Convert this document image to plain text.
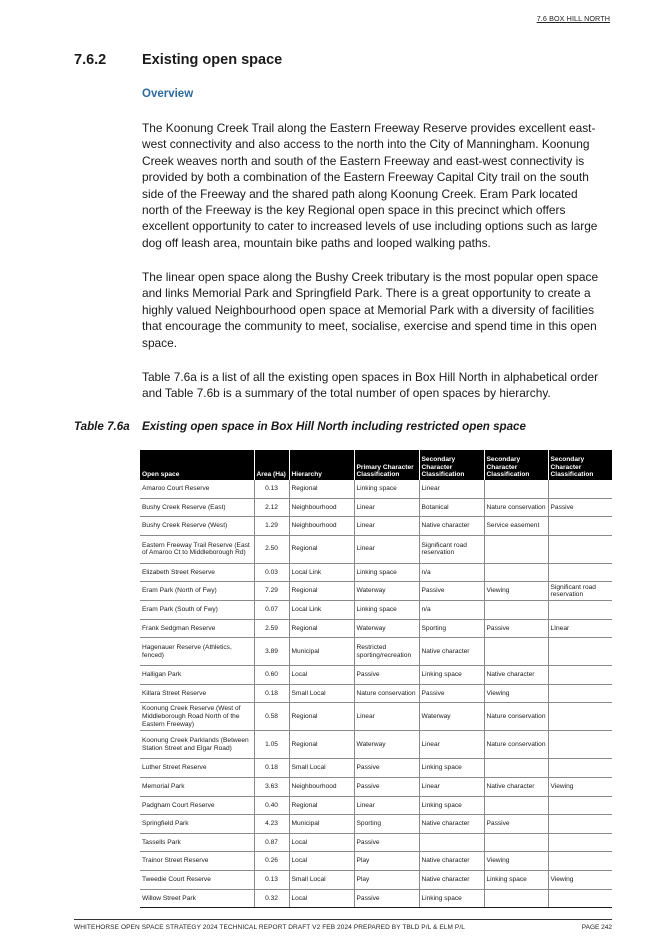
7.6 BOX HILL NORTH
7.6.2 Existing open space
Overview

The Koonung Creek Trail along the Eastern Freeway Reserve provides excellent east-west connectivity and also access to the north into the City of Manningham. Koonung Creek weaves north and south of the Eastern Freeway and east-west connectivity is provided by both a combination of the Eastern Freeway Capital City trail on the south side of the Freeway and the shared path along Koonung Creek. Eram Park located north of the Freeway is the key Regional open space in this precinct which offers excellent opportunity to cater to increased levels of use including options such as large dog off leash area, mountain bike paths and looped walking paths.

The linear open space along the Bushy Creek tributary is the most popular open space and links Memorial Park and Springfield Park. There is a great opportunity to create a highly valued Neighbourhood open space at Memorial Park with a diversity of facilities that encourage the community to meet, socialise, exercise and spend time in this open space.

Table 7.6a is a list of all the existing open spaces in Box Hill North in alphabetical order and Table 7.6b is a summary of the total number of open spaces by hierarchy.

Table 7.6a Existing open space in Box Hill North including restricted open space
Open space	Area (Ha)	Hierarchy	Primary Character Classification	Secondary Character Classification	Secondary Character Classification	Secondary Character Classification
Amaroo Court Reserve	0.13	Regional	Linking space	Linear		
Bushy Creek Reserve (East)	2.12	Neighbourhood	Linear	Botanical	Nature conservation	Passive
Bushy Creek Reserve (West)	1.29	Neighbourhood	Linear	Native character	Service easement	
Eastern Freeway Trail Reserve (East of Amaroo Ct to Middleborough Rd)	2.50	Regional	Linear	Significant road reservation		
Elizabeth Street Reserve	0.03	Local Link	Linking space	n/a		
Eram Park (North of Fwy)	7.29	Regional	Waterway	Passive	Viewing	Significant road reservation
Eram Park (South of Fwy)	0.07	Local Link	Linking space	n/a		
Frank Sedgman Reserve	2.59	Regional	Waterway	Sporting	Passive	LInear
Hagenauer Reserve (Athletics, fenced)	3.89	Municipal	Restricted sporting/recreation	Native character		
Halligan Park	0.60	Local	Passive	Linking space	Native character	
Killara Street Reserve	0.18	Small Local	Nature conservation	Passive	Viewing	
Koonung Creek Reserve (West of Middleborough Road North of the Eastern Freeway)	0.58	Regional	Linear	Waterway	Nature conservation	
Koonung Creek Parklands (Between Station Street and Elgar Road)	1.05	Regional	Waterway	Linear	Nature conservation	
Luther Street Reserve	0.18	Small Local	Passive	Linking space		
Memorial Park	3.63	Neighbourhood	Passive	Linear	Native character	Viewing
Padgham Court Reserve	0.40	Regional	Linear	Linking space		
Springfield Park	4.23	Municipal	Sporting	Native character	Passive	
Tassells Park	0.87	Local	Passive			
Trainor Street Reserve	0.26	Local	Play	Native character	Viewing	
Tweedie Court Reserve	0.13	Small Local	Play	Native character	Linking space	Viewing
Willow Street Park	0.32	Local	Passive	Linking space		
WHITEHORSE OPEN SPACE STRATEGY 2024 TECHNICAL REPORT DRAFT V2 FEB 2024 PREPARED BY TBLD P/L & ELM P/L	PAGE 242
